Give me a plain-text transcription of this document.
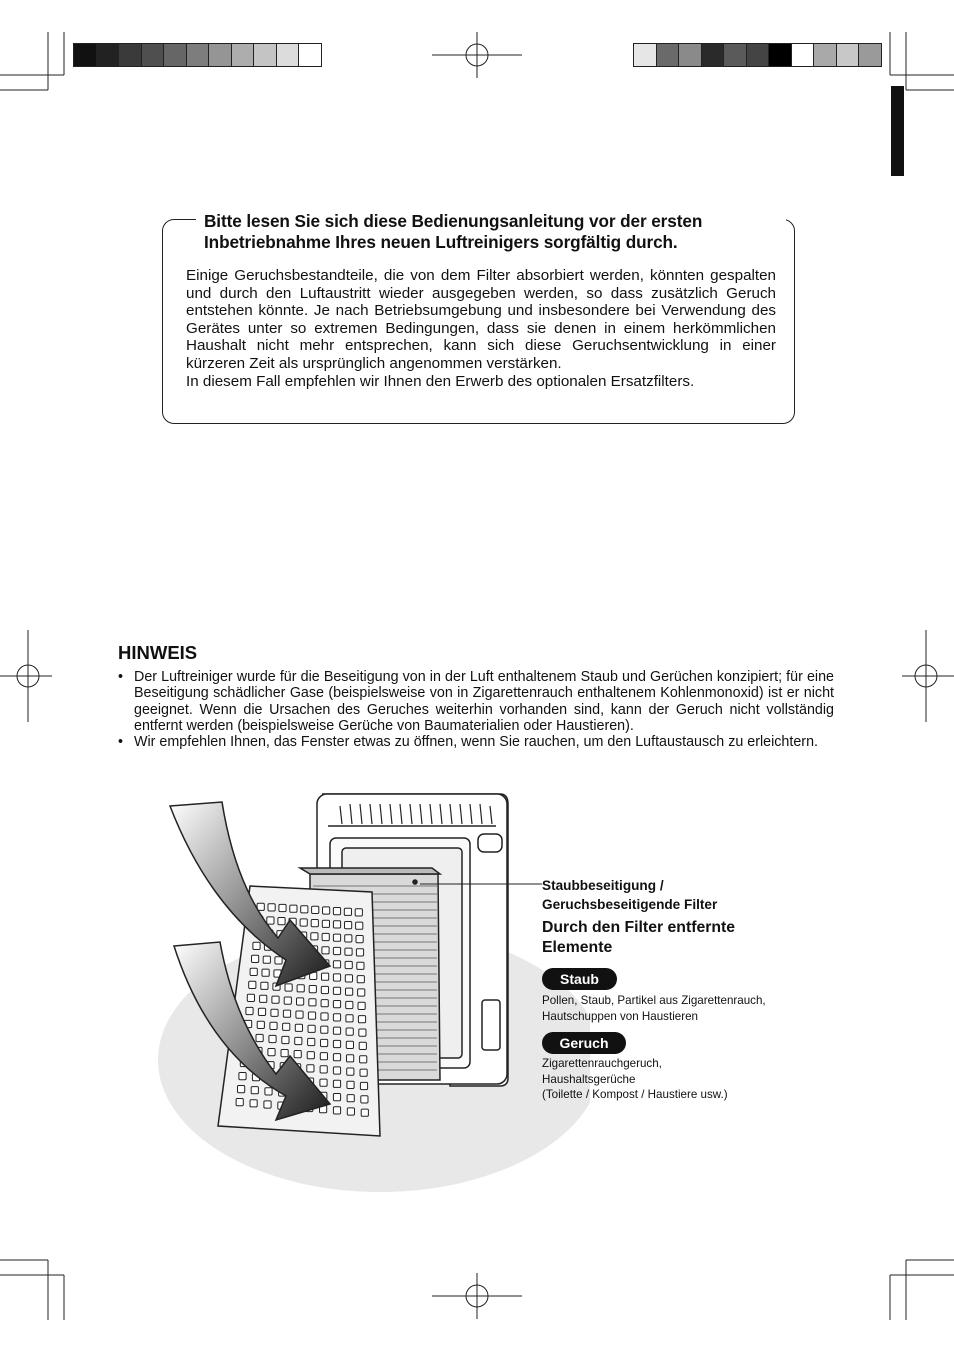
Bitte lesen Sie sich diese Bedienungsanleitung vor der ersten Inbetriebnahme Ihres neuen Luftreinigers sorgfältig durch.

Einige Geruchsbestandteile, die von dem Filter absorbiert werden, könnten gespalten und durch den Luftaustritt wieder ausgegeben werden, so dass zusätzlich Geruch entstehen könnte. Je nach Betriebsumgebung und insbesondere bei Verwendung des Gerätes unter so extremen Bedingungen, dass sie denen in einem herkömmlichen Haushalt nicht mehr entsprechen, kann sich diese Geruchsentwicklung in einer kürzeren Zeit als ursprünglich angenommen verstärken.

In diesem Fall empfehlen wir Ihnen den Erwerb des optionalen Ersatzfilters.

HINWEIS
• Der Luftreiniger wurde für die Beseitigung von in der Luft enthaltenem Staub und Gerüchen konzipiert; für eine Beseitigung schädlicher Gase (beispielsweise von in Zigarettenrauch enthaltenem Kohlenmonoxid) ist er nicht geeignet. Wenn die Ursachen des Geruches weiterhin vorhanden sind, kann der Geruch nicht vollständig entfernt werden (beispielsweise Gerüche von Baumaterialien oder Haustieren).
• Wir empfehlen Ihnen, das Fenster etwas zu öffnen, wenn Sie rauchen, um den Luftaustausch zu erleichtern.
Staubbeseitigung /
Geruchsbeseitigende Filter
Durch den Filter entfernte Elemente
Staub
Pollen, Staub, Partikel aus Zigarettenrauch,
Hautschuppen von Haustieren
Geruch
Zigarettenrauchgeruch,
Haushaltsgerüche
(Toilette / Kompost / Haustiere usw.)
